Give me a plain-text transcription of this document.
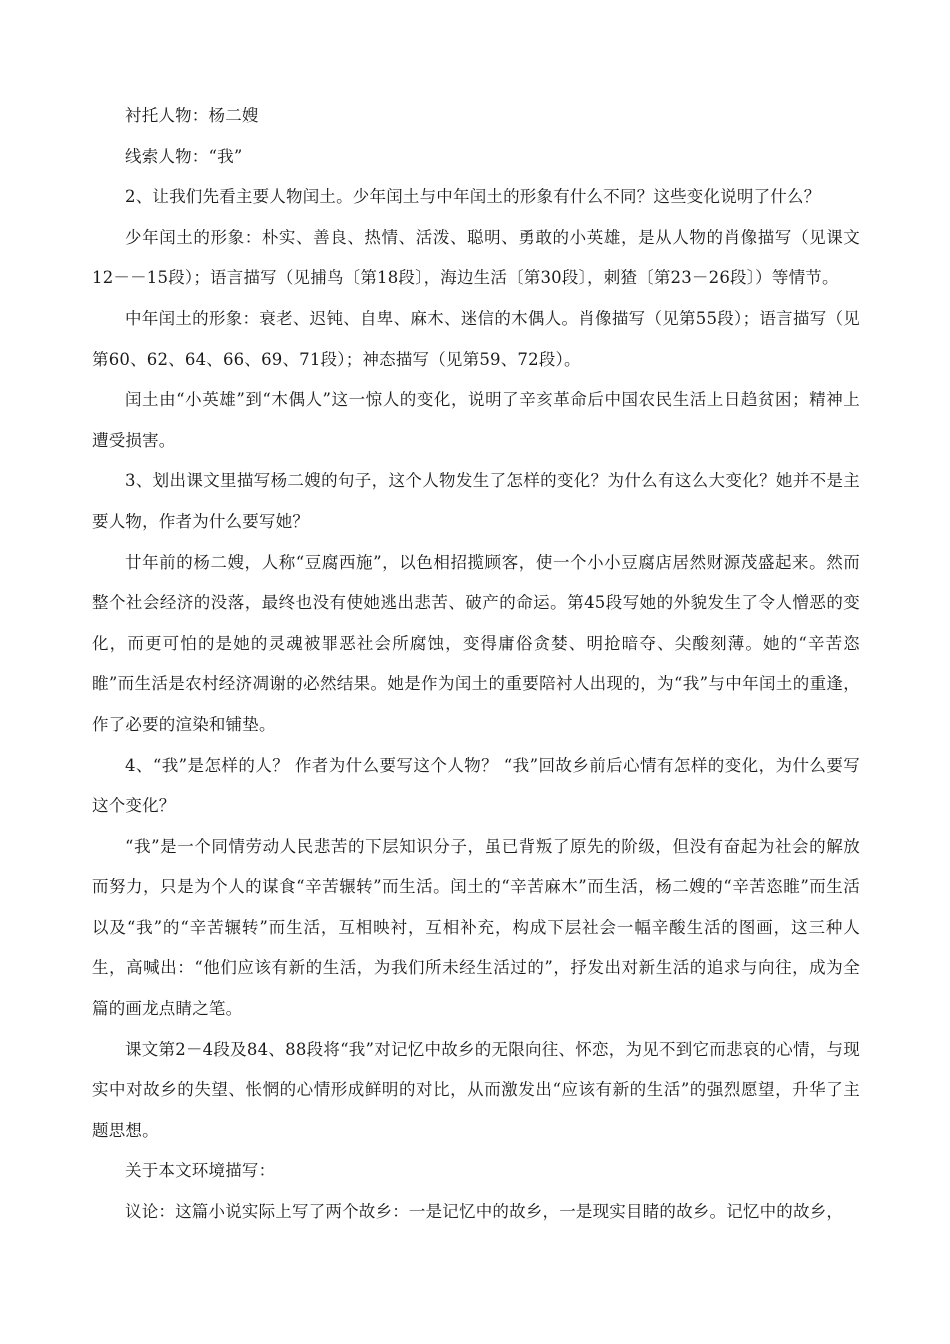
衬托人物：杨二嫂

线索人物：“我”

2、让我们先看主要人物闰土。少年闰土与中年闰土的形象有什么不同？这些变化说明了什么？

少年闰土的形象：朴实、善良、热情、活泼、聪明、勇敢的小英雄，是从人物的肖像描写（见课文12－－15段）；语言描写（见捕鸟〔第18段〕，海边生活〔第30段〕，刺猹〔第23－26段〕）等情节。

中年闰土的形象：衰老、迟钝、自卑、麻木、迷信的木偶人。肖像描写（见第55段）；语言描写（见第60、62、64、66、69、71段）；神态描写（见第59、72段）。

闰土由“小英雄”到“木偶人”这一惊人的变化，说明了辛亥革命后中国农民生活上日趋贫困；精神上遭受损害。

3、划出课文里描写杨二嫂的句子，这个人物发生了怎样的变化？为什么有这么大变化？她并不是主要人物，作者为什么要写她？

廿年前的杨二嫂，人称“豆腐西施”，以色相招揽顾客，使一个小小豆腐店居然财源茂盛起来。然而整个社会经济的没落，最终也没有使她逃出悲苦、破产的命运。第45段写她的外貌发生了令人憎恶的变化，而更可怕的是她的灵魂被罪恶社会所腐蚀，变得庸俗贪婪、明抢暗夺、尖酸刻薄。她的“辛苦恣睢”而生活是农村经济凋谢的必然结果。她是作为闰土的重要陪衬人出现的，为“我”与中年闰土的重逢，作了必要的渲染和铺垫。

4、“我”是怎样的人？ 作者为什么要写这个人物？ “我”回故乡前后心情有怎样的变化，为什么要写这个变化？

“我”是一个同情劳动人民悲苦的下层知识分子，虽已背叛了原先的阶级，但没有奋起为社会的解放而努力，只是为个人的谋食“辛苦辗转”而生活。闰土的“辛苦麻木”而生活，杨二嫂的“辛苦恣睢”而生活以及“我”的“辛苦辗转”而生活，互相映衬，互相补充，构成下层社会一幅辛酸生活的图画，这三种人生，高喊出：“他们应该有新的生活，为我们所未经生活过的”，抒发出对新生活的追求与向往，成为全篇的画龙点睛之笔。

课文第2－4段及84、88段将“我”对记忆中故乡的无限向往、怀恋，为见不到它而悲哀的心情，与现实中对故乡的失望、怅惘的心情形成鲜明的对比，从而激发出“应该有新的生活”的强烈愿望，升华了主题思想。

关于本文环境描写：

议论：这篇小说实际上写了两个故乡：一是记忆中的故乡，一是现实目睹的故乡。记忆中的故乡，
